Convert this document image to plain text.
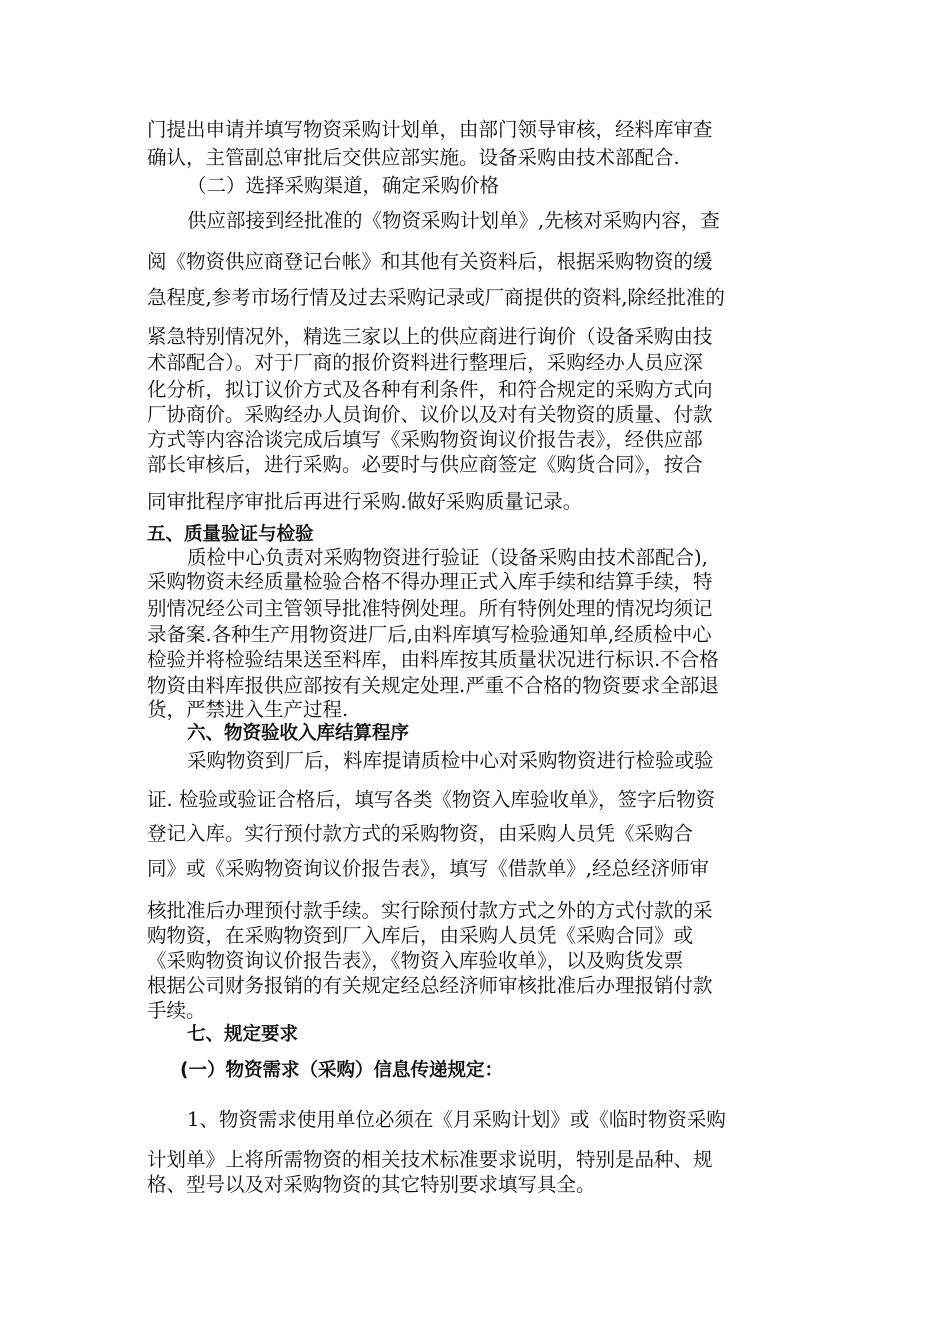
门提出申请并填写物资采购计划单，由部门领导审核，经料库审查

确认，主管副总审批后交供应部实施。设备采购由技术部配合.

（二）选择采购渠道，确定采购价格

供应部接到经批准的《物资采购计划单》,先核对采购内容，查

阅《物资供应商登记台帐》和其他有关资料后，根据采购物资的缓

急程度,参考市场行情及过去采购记录或厂商提供的资料,除经批准的

紧急特别情况外，精选三家以上的供应商进行询价（设备采购由技

术部配合）。对于厂商的报价资料进行整理后，采购经办人员应深

化分析，拟订议价方式及各种有利条件，和符合规定的采购方式向

厂协商价。采购经办人员询价、议价以及对有关物资的质量、付款

方式等内容洽谈完成后填写《采购物资询议价报告表》，经供应部

部长审核后，进行采购。必要时与供应商签定《购货合同》，按合

同审批程序审批后再进行采购.做好采购质量记录。

五、质量验证与检验

质检中心负责对采购物资进行验证（设备采购由技术部配合),

采购物资未经质量检验合格不得办理正式入库手续和结算手续，特

别情况经公司主管领导批准特例处理。所有特例处理的情况均须记

录备案.各种生产用物资进厂后,由料库填写检验通知单,经质检中心

检验并将检验结果送至料库，由料库按其质量状况进行标识.不合格

物资由料库报供应部按有关规定处理.严重不合格的物资要求全部退

货，严禁进入生产过程.

六、物资验收入库结算程序

采购物资到厂后，料库提请质检中心对采购物资进行检验或验

证. 检验或验证合格后，填写各类《物资入库验收单》，签字后物资

登记入库。实行预付款方式的采购物资，由采购人员凭《采购合

同》或《采购物资询议价报告表》，填写《借款单》,经总经济师审

核批准后办理预付款手续。实行除预付款方式之外的方式付款的采

购物资，在采购物资到厂入库后，由采购人员凭《采购合同》或

《采购物资询议价报告表》，《物资入库验收单》，以及购货发票

根据公司财务报销的有关规定经总经济师审核批准后办理报销付款

手续。

七、规定要求

(一）物资需求（采购）信息传递规定：

1、物资需求使用单位必须在《月采购计划》或《临时物资采购

计划单》上将所需物资的相关技术标准要求说明，特别是品种、规

格、型号以及对采购物资的其它特别要求填写具全。
